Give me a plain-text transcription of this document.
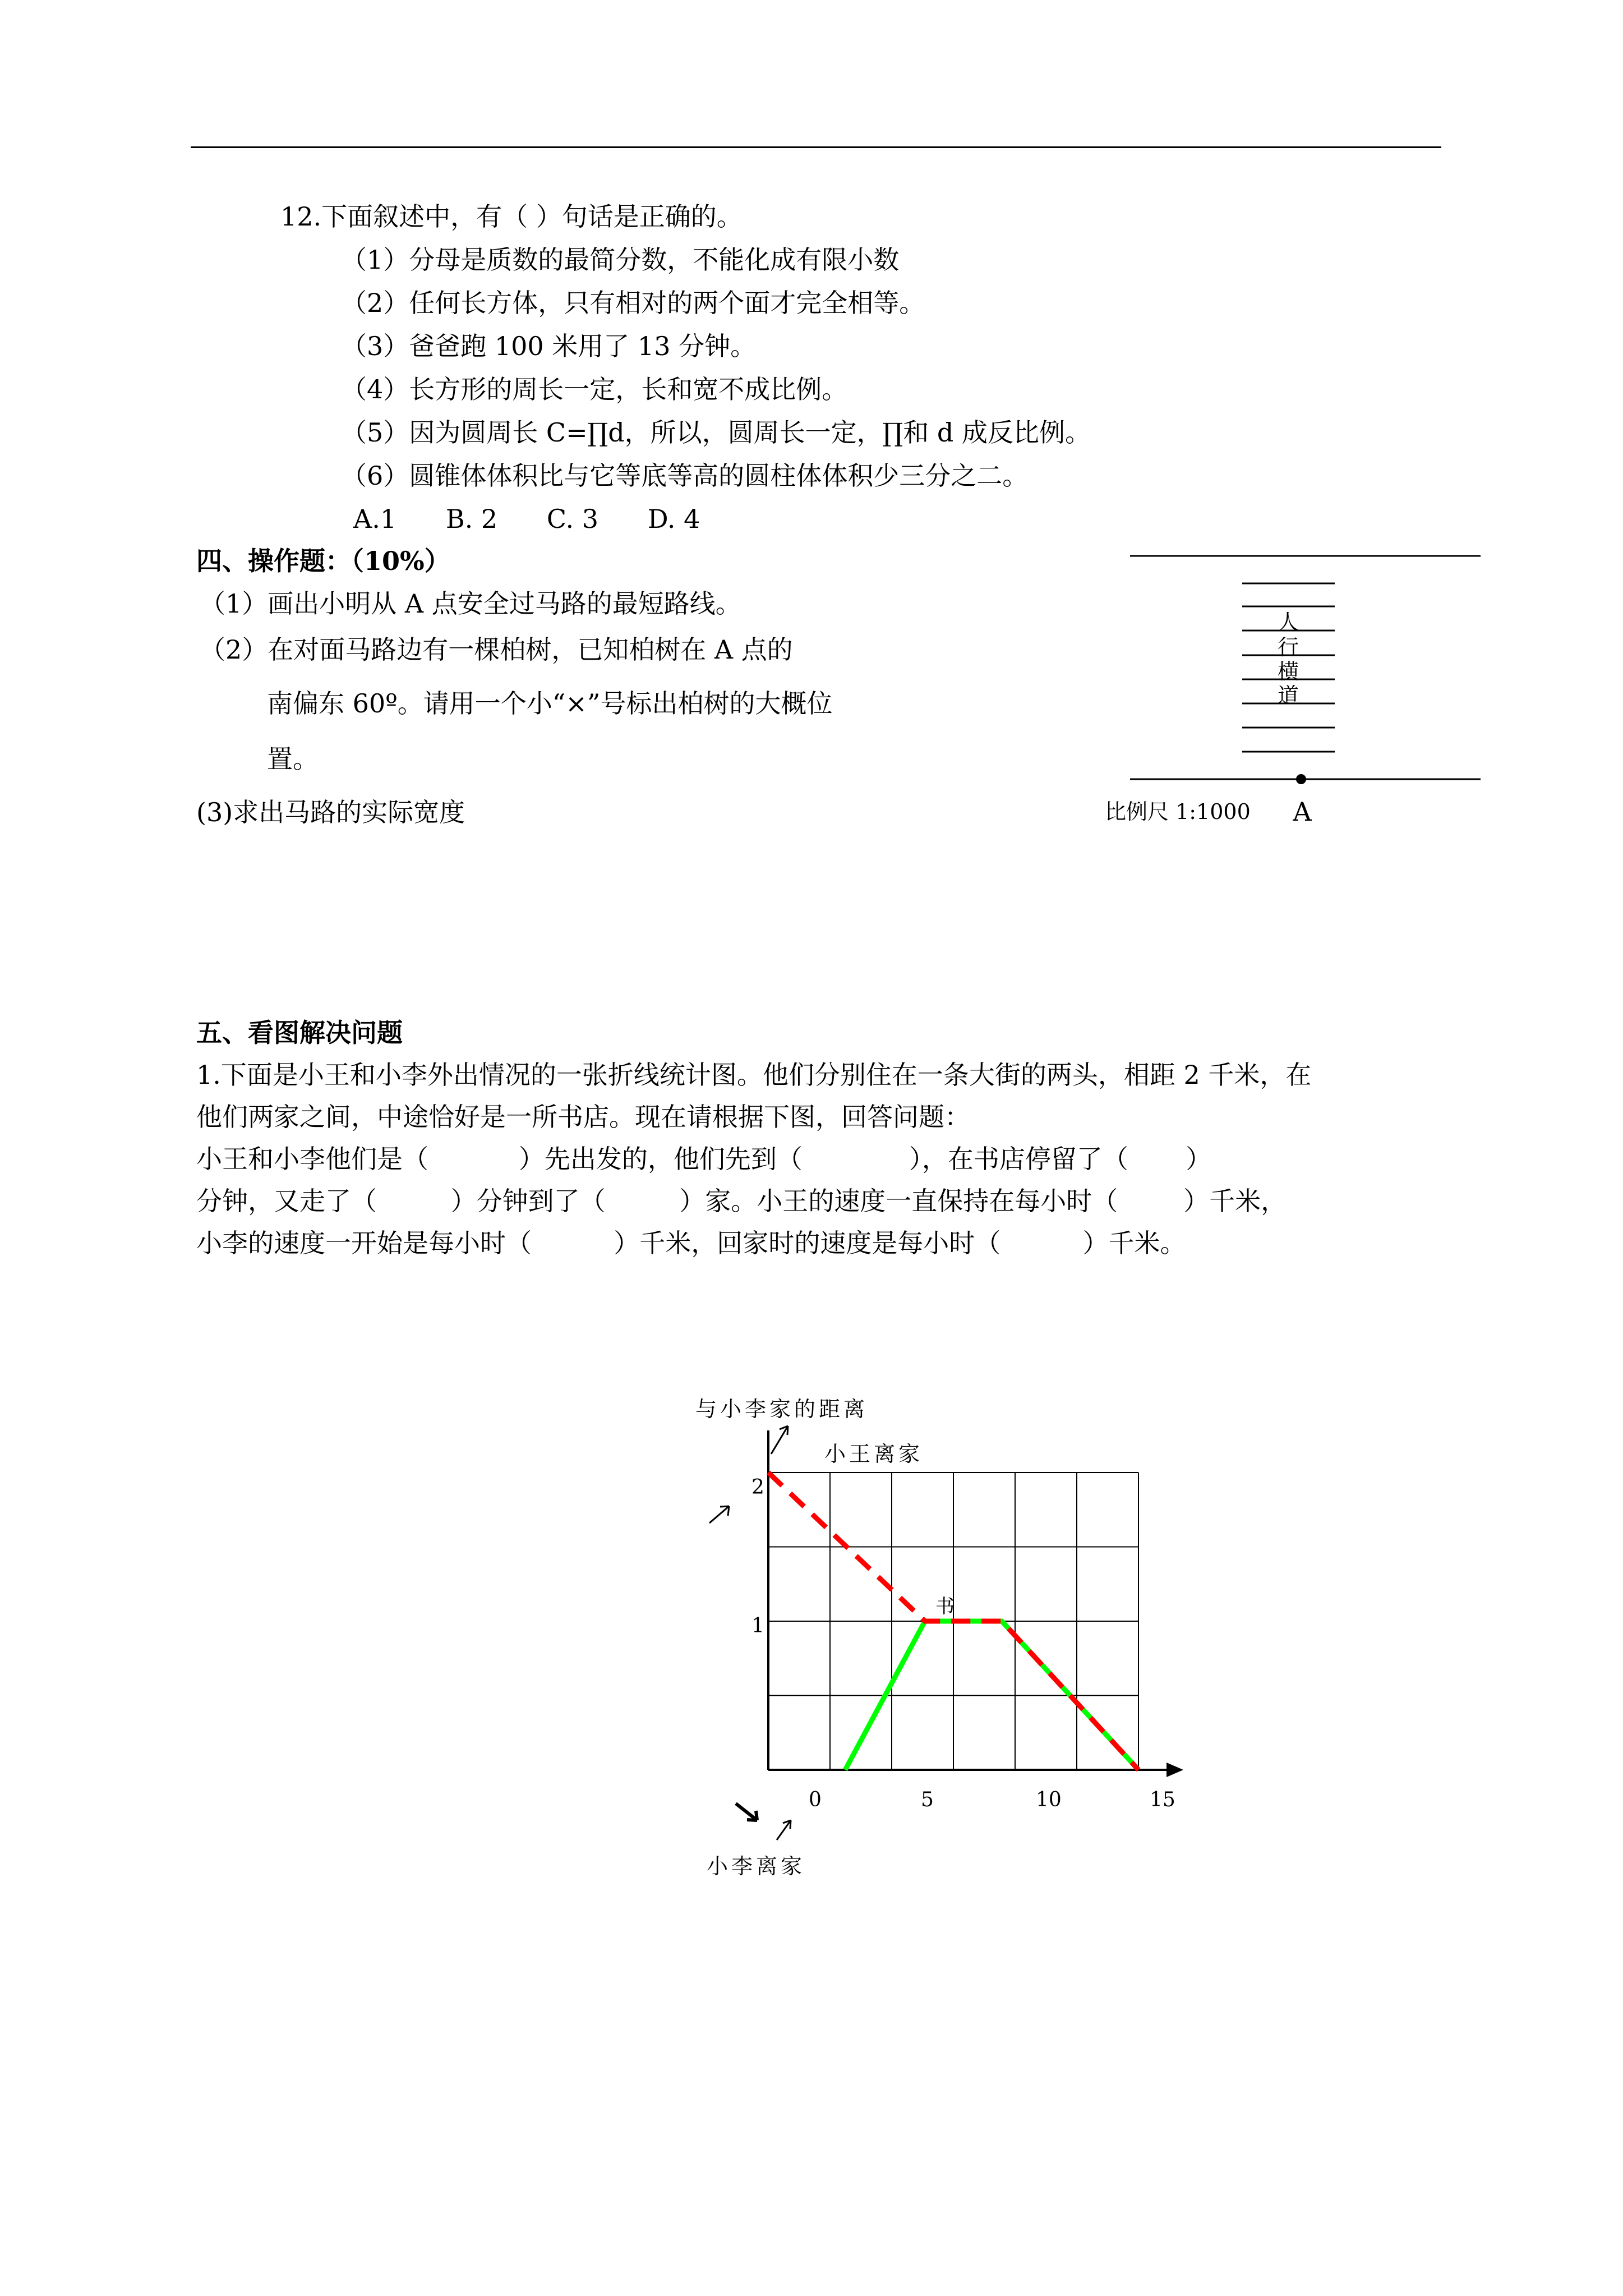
12.下面叙述中，有（ ）句话是正确的。
（1）分母是质数的最简分数，不能化成有限小数
（2）任何长方体，只有相对的两个面才完全相等。
（3）爸爸跑 100 米用了 13 分钟。
（4）长方形的周长一定，长和宽不成比例。
（5）因为圆周长 C=∏d，所以，圆周长一定，∏和 d 成反比例。
（6）圆锥体体积比与它等底等高的圆柱体体积少三分之二。
A.1      B. 2      C. 3      D. 4
四、操作题：（10%）
（1）画出小明从 A 点安全过马路的最短路线。
（2）在对面马路边有一棵柏树，已知柏树在 A 点的
南偏东 60º。请用一个小“×”号标出柏树的大概位
置。
(3)求出马路的实际宽度
人
行
横
道
比例尺 1:1000 A
五、看图解决问题
1.下面是小王和小李外出情况的一张折线统计图。他们分别住在一条大街的两头，相距 2 千米，在
他们两家之间，中途恰好是一所书店。现在请根据下图，回答问题：
小王和小李他们是（           ）先出发的，他们先到（             ），在书店停留了（       ）
分钟，又走了（         ）分钟到了（         ）家。小王的速度一直保持在每小时（        ）千米，
小李的速度一开始是每小时（          ）千米，回家时的速度是每小时（          ）千米。
与小李家的距离
小王离家
小李离家
书
2
1
0	5	10	15
